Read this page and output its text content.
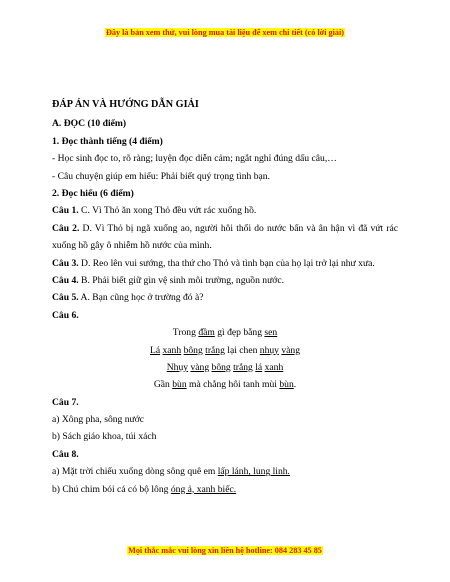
Đây là bản xem thử, vui lòng mua tài liệu để xem chi tiết (có lời giải)
ĐÁP ÁN VÀ HƯỚNG DẪN GIẢI
A. ĐỌC (10 điểm)
1. Đọc thành tiếng (4 điểm)
- Học sinh đọc to, rõ ràng; luyện đọc diễn cảm; ngắt nghỉ đúng dấu câu,…
- Câu chuyện giúp em hiểu: Phải biết quý trọng tình bạn.
2. Đọc hiểu (6 điểm)
Câu 1. C. Vì Thỏ ăn xong Thỏ đều vứt rác xuống hồ.
Câu 2. D. Vì Thỏ bị ngã xuống ao, người hôi thối do nước bẩn và ân hận vì đã vứt rác xuống hồ gây ô nhiễm hồ nước của mình.
Câu 3. D. Reo lên vui sướng, tha thứ cho Thỏ và tình bạn của họ lại trở lại như xưa.
Câu 4. B. Phải biết giữ gìn vệ sinh môi trường, nguồn nước.
Câu 5. A. Bạn cũng học ở trường đó à?
Câu 6.
Trong đầm gì đẹp bằng sen
Lá xanh bông trắng lại chen nhụy vàng
Nhụy vàng bông trắng lá xanh
Gần bùn mà chẳng hôi tanh mùi bùn.
Câu 7.
a) Xông pha, sông nước
b) Sách giáo khoa, túi xách
Câu 8.
a) Mặt trời chiếu xuống dòng sông quê em lấp lánh, lung linh.
b) Chú chim bói cá có bộ lông óng ả, xanh biếc.
Mọi thắc mắc vui lòng xin liên hệ hotline: 084 283 45 85
